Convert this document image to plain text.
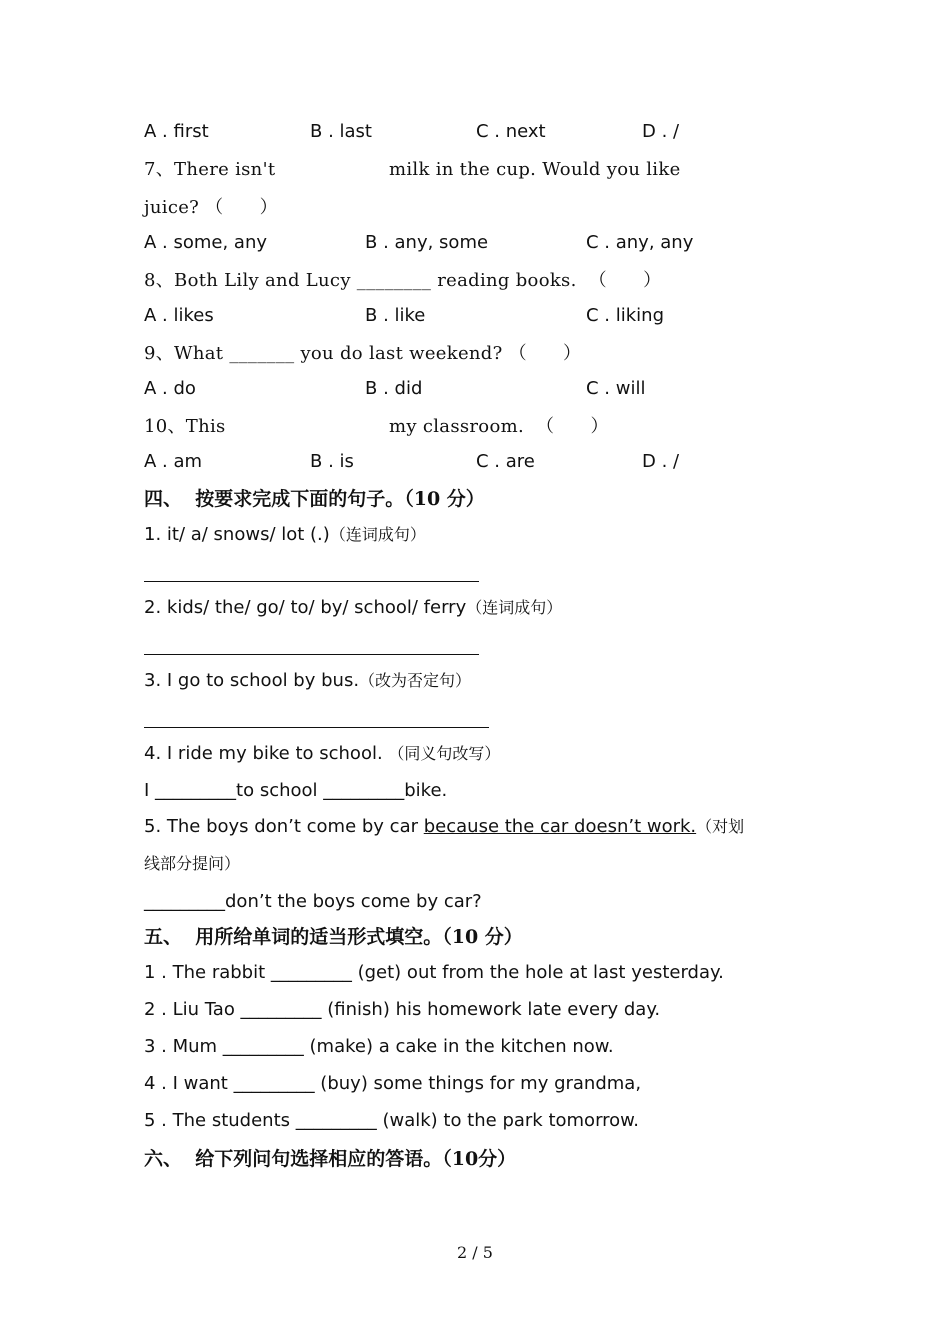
A . first

	B . last

	C . next

	D . /

7、There isn't

	milk in the cup. Would you like

juice? （      ）

A . some, any

	B . any, some

	C . any, any

8、Both Lily and Lucy ________ reading books.  （      ）

A . likes

	B . like

	C . liking

9、What _______ you do last weekend? （      ）

A . do

	B . did

	C . will

10、This

	my classroom.  （      ）

A . am

	B . is

	C . are

	D . /

四、  按要求完成下面的句子。（10 分）
1. it/ a/ snows/ lot (.)（连词成句）
2. kids/ the/ go/ to/ by/ school/ ferry（连词成句）
3. I go to school by bus.（改为否定句）
4. I ride my bike to school. （同义句改写）
I _________to school _________bike.
5. The boys don’t come by car because the car doesn’t work.（对划
线部分提问）
_________don’t the boys come by car?
五、  用所给单词的适当形式填空。（10 分）
1 . The rabbit _________ (get) out from the hole at last yesterday.
2 . Liu Tao _________ (finish) his homework late every day.
3 . Mum _________ (make) a cake in the kitchen now.
4 . I want _________ (buy) some things for my grandma,
5 . The students _________ (walk) to the park tomorrow.
六、  给下列问句选择相应的答语。（10分）
2 / 5
